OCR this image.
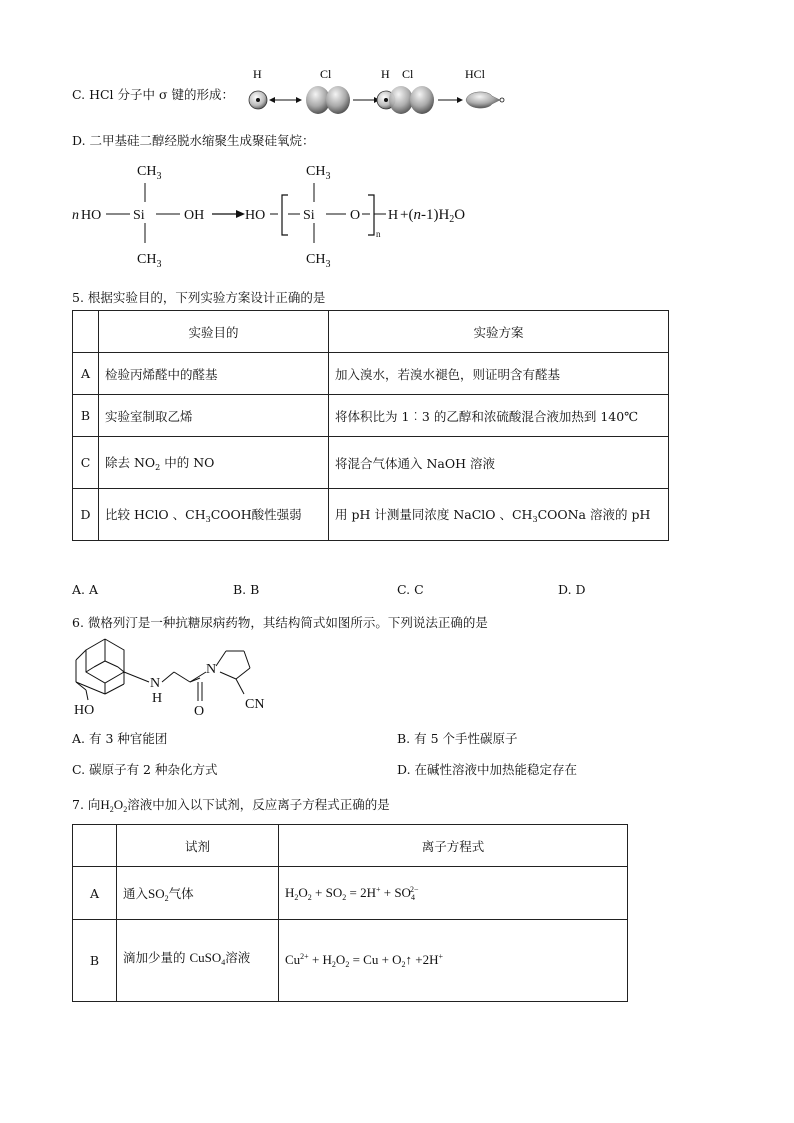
C. HCl 分子中 σ 键的形成：
H	Cl	H Cl	HCl
D. 二甲基硅二醇经脱水缩聚生成聚硅氧烷：
$CH_3$
n HO Si	OH
$CH_3$
HO	Si
$CH_3$
$CH_3$
O
n
$H +(n-1)H_2O$
5. 根据实验目的，下列实验方案设计正确的是
	实验目的	实验方案
A	检验丙烯醛中的醛基	加入溴水，若溴水褪色，则证明含有醛基
B	实验室制取乙烯	将体积比为 1︰3 的乙醇和浓硫酸混合液加热到 140℃
C	除去 $NO_2$ 中的 NO	将混合气体通入 NaOH 溶液
D	比较 HClO 、$CH_3COOH$酸性强弱	用 pH 计测量同浓度 NaClO 、$CH_3COONa$ 溶液的 pH
A. A	B. B	C. C	D. D
6. 微格列汀是一种抗糖尿病药物，其结构简式如图所示。下列说法正确的是
N
H
N
O
HO	CN
A. 有 3 种官能团	B. 有 5 个手性碳原子
C. 碳原子有 2 种杂化方式	D. 在碱性溶液中加热能稳定存在
7. 向$H_2O_2$溶液中加入以下试剂，反应离子方程式正确的是
	试剂	离子方程式
A	通入$SO_2$气体	$H_2O_2 + SO_2 = 2H^+ + SO_4^{2-}$
B	滴加少量的 CuSO$_4$溶液	$Cu^{2+} + H_2O_2 = Cu$ + $O_2↑ +2H^+$
